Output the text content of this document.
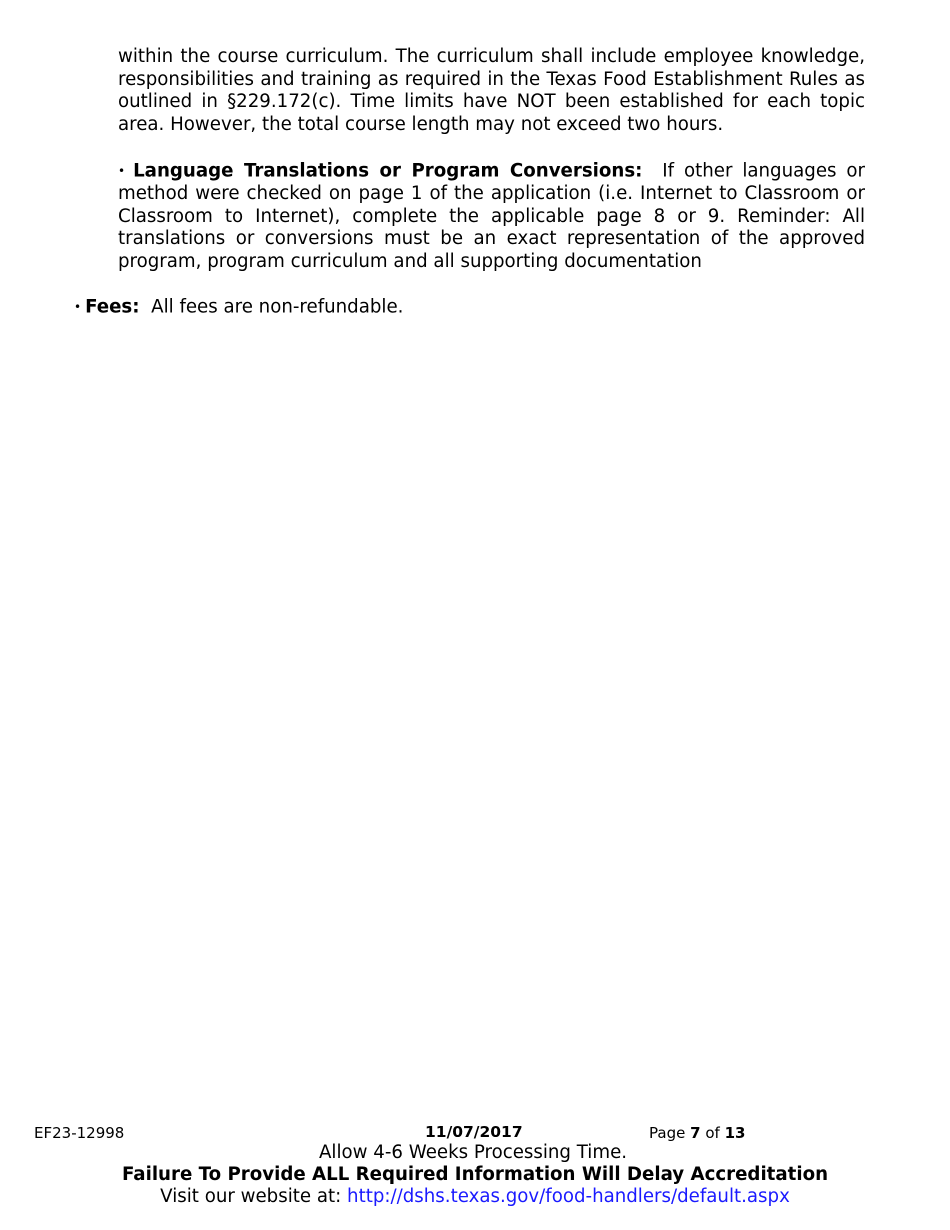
within the course curriculum. The curriculum shall include employee knowledge, responsibilities and training as required in the Texas Food Establishment Rules as outlined in §229.172(c). Time limits have NOT been established for each topic area. However, the total course length may not exceed two hours.
• Language Translations or Program Conversions: If other languages or method were checked on page 1 of the application (i.e. Internet to Classroom or Classroom to Internet), complete the applicable page 8 or 9. Reminder: All translations or conversions must be an exact representation of the approved program, program curriculum and all supporting documentation
• Fees: All fees are non-refundable.
EF23-12998	11/07/2017	Page 7 of 13
Allow 4-6 Weeks Processing Time.
Failure To Provide ALL Required Information Will Delay Accreditation
Visit our website at: http://dshs.texas.gov/food-handlers/default.aspx
